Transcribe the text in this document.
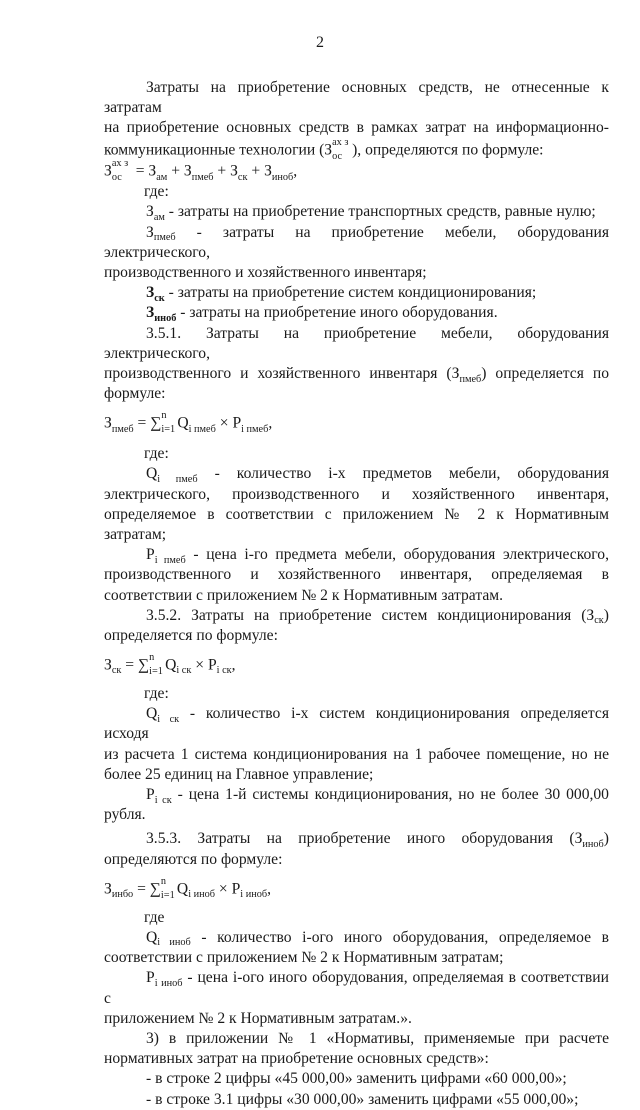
2

Затраты на приобретение основных средств, не отнесенные к затратам

на приобретение основных средств в рамках затрат на информационно-

коммуникационные технологии (З ах з
ос ), определяются по формуле:

З ах з
ос = $З_{ам} + З_{пмеб} + З_{ск} + З_{иноб}$,

где:

$З_{ам}$ - затраты на приобретение транспортных средств, равные нулю;

$З_{пмеб}$ - затраты на приобретение мебели, оборудования электрического,

производственного и хозяйственного инвентаря;

$З_{ск}$ - затраты на приобретение систем кондиционирования;

$З_{иноб}$ - затраты на приобретение иного оборудования.

3.5.1. Затраты на приобретение мебели, оборудования электрического,

производственного и хозяйственного инвентаря $(З_{пмеб})$ определяется по

формуле:

$З_{пмеб}$ = ∑ n
i=1 $Q_{i пмеб} \times P_{i пмеб}$,

где:

$Q_{i пмеб}$ - количество i-х предметов мебели, оборудования

электрического, производственного и хозяйственного инвентаря,

определяемое в соответствии с приложением № 2 к Нормативным затратам;

$P_{i пмеб}$ - цена i-го предмета мебели, оборудования электрического,

производственного и хозяйственного инвентаря, определяемая в

соответствии с приложением № 2 к Нормативным затратам.

3.5.2. Затраты на приобретение систем кондиционирования $(З_{ск})$

определяется по формуле:

$З_{ск}$ = ∑ n
i=1 $Q_{i ск} \times P_{i ск}$,

где:

$Q_{i ск}$ - количество i-х систем кондиционирования определяется исходя

из расчета 1 система кондиционирования на 1 рабочее помещение, но не

более 25 единиц на Главное управление;

$P_{i ск}$ - цена 1-й системы кондиционирования, но не более 30 000,00

рубля.

3.5.3. Затраты на приобретение иного оборудования $(З_{иноб})$

определяются по формуле:

$З_{инбо}$ = ∑ n
i=1 $Q_{i иноб} \times P_{i иноб}$,

где

$Q_{i иноб}$ - количество i-ого иного оборудования, определяемое в

соответствии с приложением № 2 к Нормативным затратам;

$P_{i иноб}$ - цена i-ого иного оборудования, определяемая в соответствии с

приложением № 2 к Нормативным затратам.».

3) в приложении № 1 «Нормативы, применяемые при расчете

нормативных затрат на приобретение основных средств»:

- в строке 2 цифры «45 000,00» заменить цифрами «60 000,00»;

- в строке 3.1 цифры «30 000,00» заменить цифрами «55 000,00»;
